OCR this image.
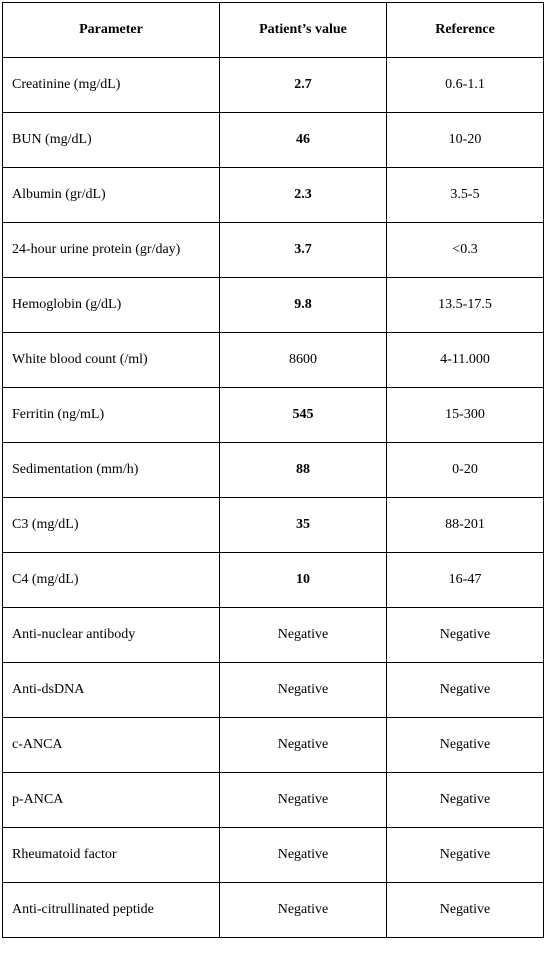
Parameter	Patient’s value	Reference
Creatinine (mg/dL)	2.7	0.6-1.1
BUN (mg/dL)	46	10-20
Albumin (gr/dL)	2.3	3.5-5
24-hour urine protein (gr/day)	3.7	<0.3
Hemoglobin (g/dL)	9.8	13.5-17.5
White blood count (/ml)	8600	4-11.000
Ferritin (ng/mL)	545	15-300
Sedimentation (mm/h)	88	0-20
C3 (mg/dL)	35	88-201
C4 (mg/dL)	10	16-47
Anti-nuclear antibody	Negative	Negative
Anti-dsDNA	Negative	Negative
c-ANCA	Negative	Negative
p-ANCA	Negative	Negative
Rheumatoid factor	Negative	Negative
Anti-citrullinated peptide	Negative	Negative
